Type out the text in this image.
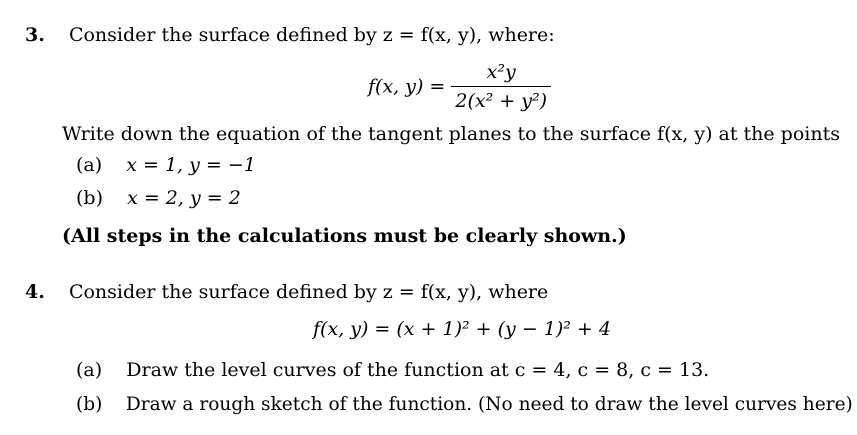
3. Consider the surface defined by z = f(x, y), where:
f(x, $y) = \frac{\text{x²y}}{\text{2(x² + y²)}}$
Write down the equation of the tangent planes to the surface f(x, y) at the points
(a) x = 1, y = −1
(b) x = 2, y = 2
(All steps in the calculations must be clearly shown.)
4. Consider the surface defined by z = f(x, y), where
f(x, y) = (x + 1)² + (y − 1)² + 4
(a) Draw the level curves of the function at c = 4, c = 8, c = 13.
(b) Draw a rough sketch of the function. (No need to draw the level curves here)
